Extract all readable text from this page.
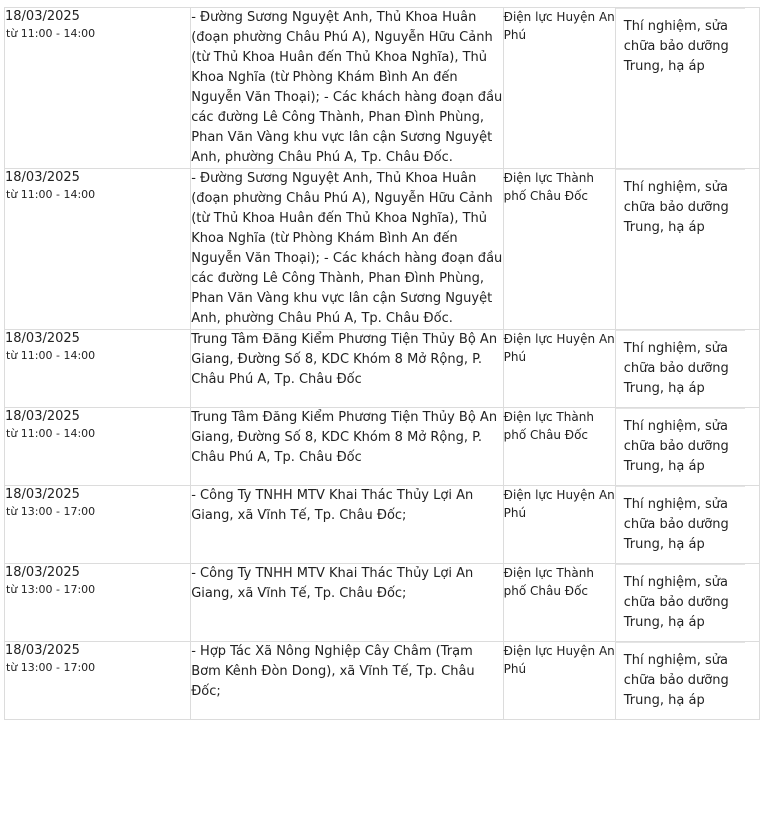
18/03/2025
từ 11:00 - 14:00	- Đường Sương Nguyệt Anh, Thủ Khoa Huân (đoạn phường Châu Phú A), Nguyễn Hữu Cảnh (từ Thủ Khoa Huân đến Thủ Khoa Nghĩa), Thủ Khoa Nghĩa (từ Phòng Khám Bình An đến Nguyễn Văn Thoại); - Các khách hàng đoạn đầu các đường Lê Công Thành, Phan Đình Phùng, Phan Văn Vàng khu vực lân cận Sương Nguyệt Anh, phường Châu Phú A, Tp. Châu Đốc.	Điện lực Huyện An Phú	Thí nghiệm, sửa chữa bảo dưỡng Trung, hạ áp

18/03/2025
từ 11:00 - 14:00	- Đường Sương Nguyệt Anh, Thủ Khoa Huân (đoạn phường Châu Phú A), Nguyễn Hữu Cảnh (từ Thủ Khoa Huân đến Thủ Khoa Nghĩa), Thủ Khoa Nghĩa (từ Phòng Khám Bình An đến Nguyễn Văn Thoại); - Các khách hàng đoạn đầu các đường Lê Công Thành, Phan Đình Phùng, Phan Văn Vàng khu vực lân cận Sương Nguyệt Anh, phường Châu Phú A, Tp. Châu Đốc.	Điện lực Thành phố Châu Đốc	Thí nghiệm, sửa chữa bảo dưỡng Trung, hạ áp

18/03/2025
từ 11:00 - 14:00	Trung Tâm Đăng Kiểm Phương Tiện Thủy Bộ An Giang, Đường Số 8, KDC Khóm 8 Mở Rộng, P. Châu Phú A, Tp. Châu Đốc	Điện lực Huyện An Phú	Thí nghiệm, sửa chữa bảo dưỡng Trung, hạ áp

18/03/2025
từ 11:00 - 14:00	Trung Tâm Đăng Kiểm Phương Tiện Thủy Bộ An Giang, Đường Số 8, KDC Khóm 8 Mở Rộng, P. Châu Phú A, Tp. Châu Đốc	Điện lực Thành phố Châu Đốc	Thí nghiệm, sửa chữa bảo dưỡng Trung, hạ áp

18/03/2025
từ 13:00 - 17:00	- Công Ty TNHH MTV Khai Thác Thủy Lợi An Giang, xã Vĩnh Tế, Tp. Châu Đốc;	Điện lực Huyện An Phú	Thí nghiệm, sửa chữa bảo dưỡng Trung, hạ áp

18/03/2025
từ 13:00 - 17:00	- Công Ty TNHH MTV Khai Thác Thủy Lợi An Giang, xã Vĩnh Tế, Tp. Châu Đốc;	Điện lực Thành phố Châu Đốc	Thí nghiệm, sửa chữa bảo dưỡng Trung, hạ áp

18/03/2025
từ 13:00 - 17:00	- Hợp Tác Xã Nông Nghiệp Cây Châm (Trạm Bơm Kênh Đòn Dong), xã Vĩnh Tế, Tp. Châu Đốc;	Điện lực Huyện An Phú	Thí nghiệm, sửa chữa bảo dưỡng Trung, hạ áp
